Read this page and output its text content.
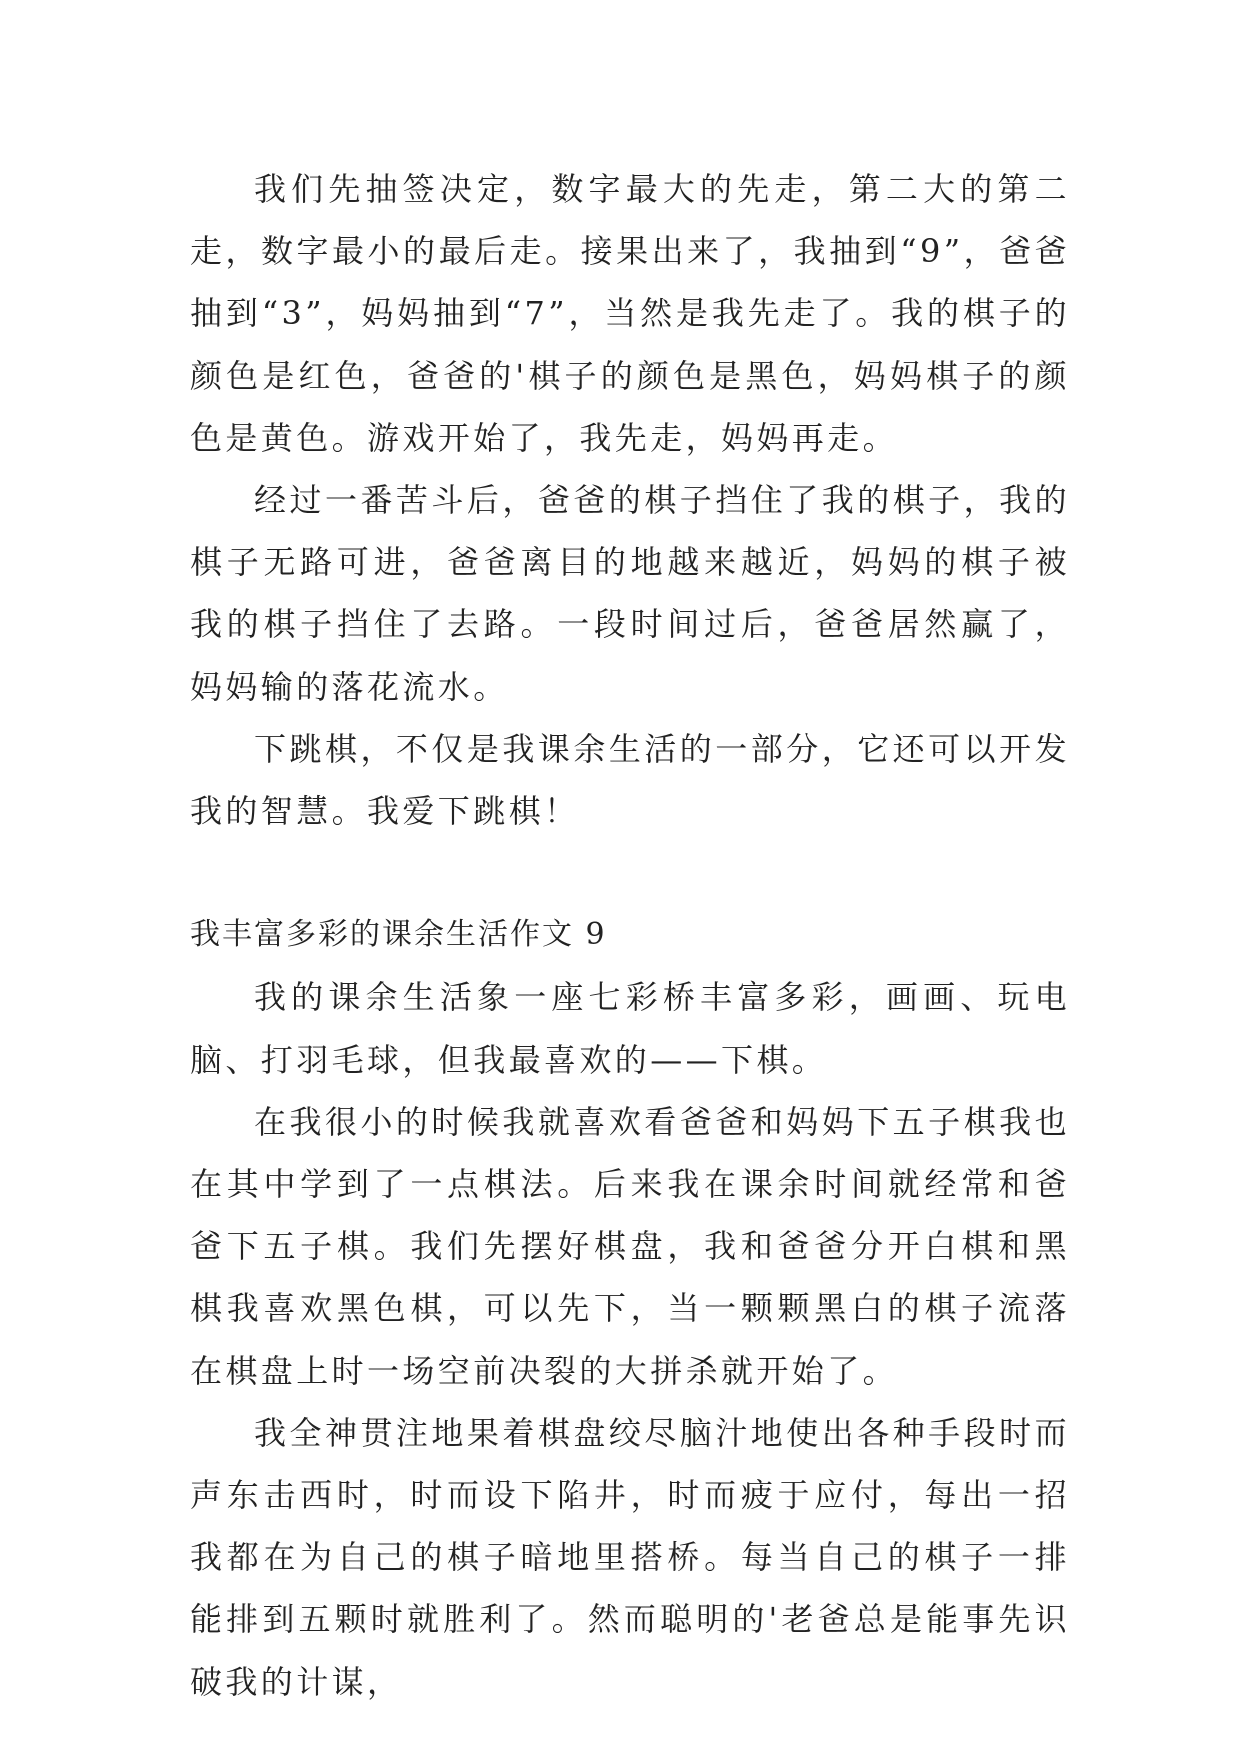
我们先抽签决定，数字最大的先走，第二大的第二走，数字最小的最后走。接果出来了，我抽到“9”，爸爸抽到“3”，妈妈抽到“7”，当然是我先走了。我的棋子的颜色是红色，爸爸的'棋子的颜色是黑色，妈妈棋子的颜色是黄色。游戏开始了，我先走，妈妈再走。

经过一番苦斗后，爸爸的棋子挡住了我的棋子，我的棋子无路可进，爸爸离目的地越来越近，妈妈的棋子被我的棋子挡住了去路。一段时间过后，爸爸居然赢了，妈妈输的落花流水。

下跳棋，不仅是我课余生活的一部分，它还可以开发我的智慧。我爱下跳棋！

我丰富多彩的课余生活作文 9

我的课余生活象一座七彩桥丰富多彩，画画、玩电脑、打羽毛球，但我最喜欢的——下棋。

在我很小的时候我就喜欢看爸爸和妈妈下五子棋我也在其中学到了一点棋法。后来我在课余时间就经常和爸爸下五子棋。我们先摆好棋盘，我和爸爸分开白棋和黑棋我喜欢黑色棋，可以先下，当一颗颗黑白的棋子流落在棋盘上时一场空前决裂的大拼杀就开始了。

我全神贯注地果着棋盘绞尽脑汁地使出各种手段时而声东击西时，时而设下陷井，时而疲于应付，每出一招我都在为自己的棋子暗地里搭桥。每当自己的棋子一排能排到五颗时就胜利了。然而聪明的'老爸总是能事先识破我的计谋，
